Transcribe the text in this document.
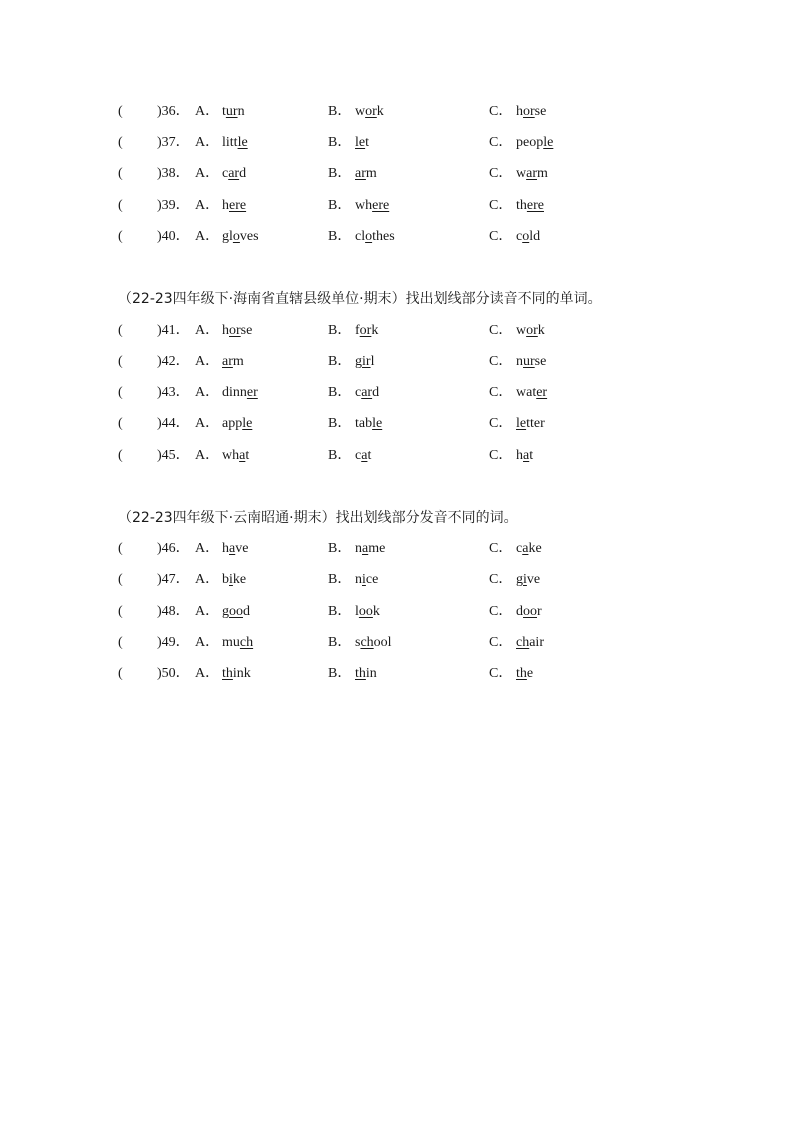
( )36． A． turn	B． work	C． horse
( )37． A． little	B． let	C． people
( )38． A． card	B． arm	C． warm
( )39． A． here	B． where	C． there
( )40． A． gloves	B． clothes	C． cold
（22-23四年级下·海南省直辖县级单位·期末）找出划线部分读音不同的单词。
( )41． A． horse	B． fork	C． work
( )42． A． arm	B． girl	C． nurse
( )43． A． dinner	B． card	C． water
( )44． A． apple	B． table	C． letter
( )45． A． what	B． cat	C． hat
（22-23四年级下·云南昭通·期末）找出划线部分发音不同的词。
( )46． A． have	B． name	C． cake
( )47． A． bike	B． nice	C． give
( )48． A． good	B． look	C． door
( )49． A． much	B． school	C． chair
( )50． A． think	B． thin	C． the
